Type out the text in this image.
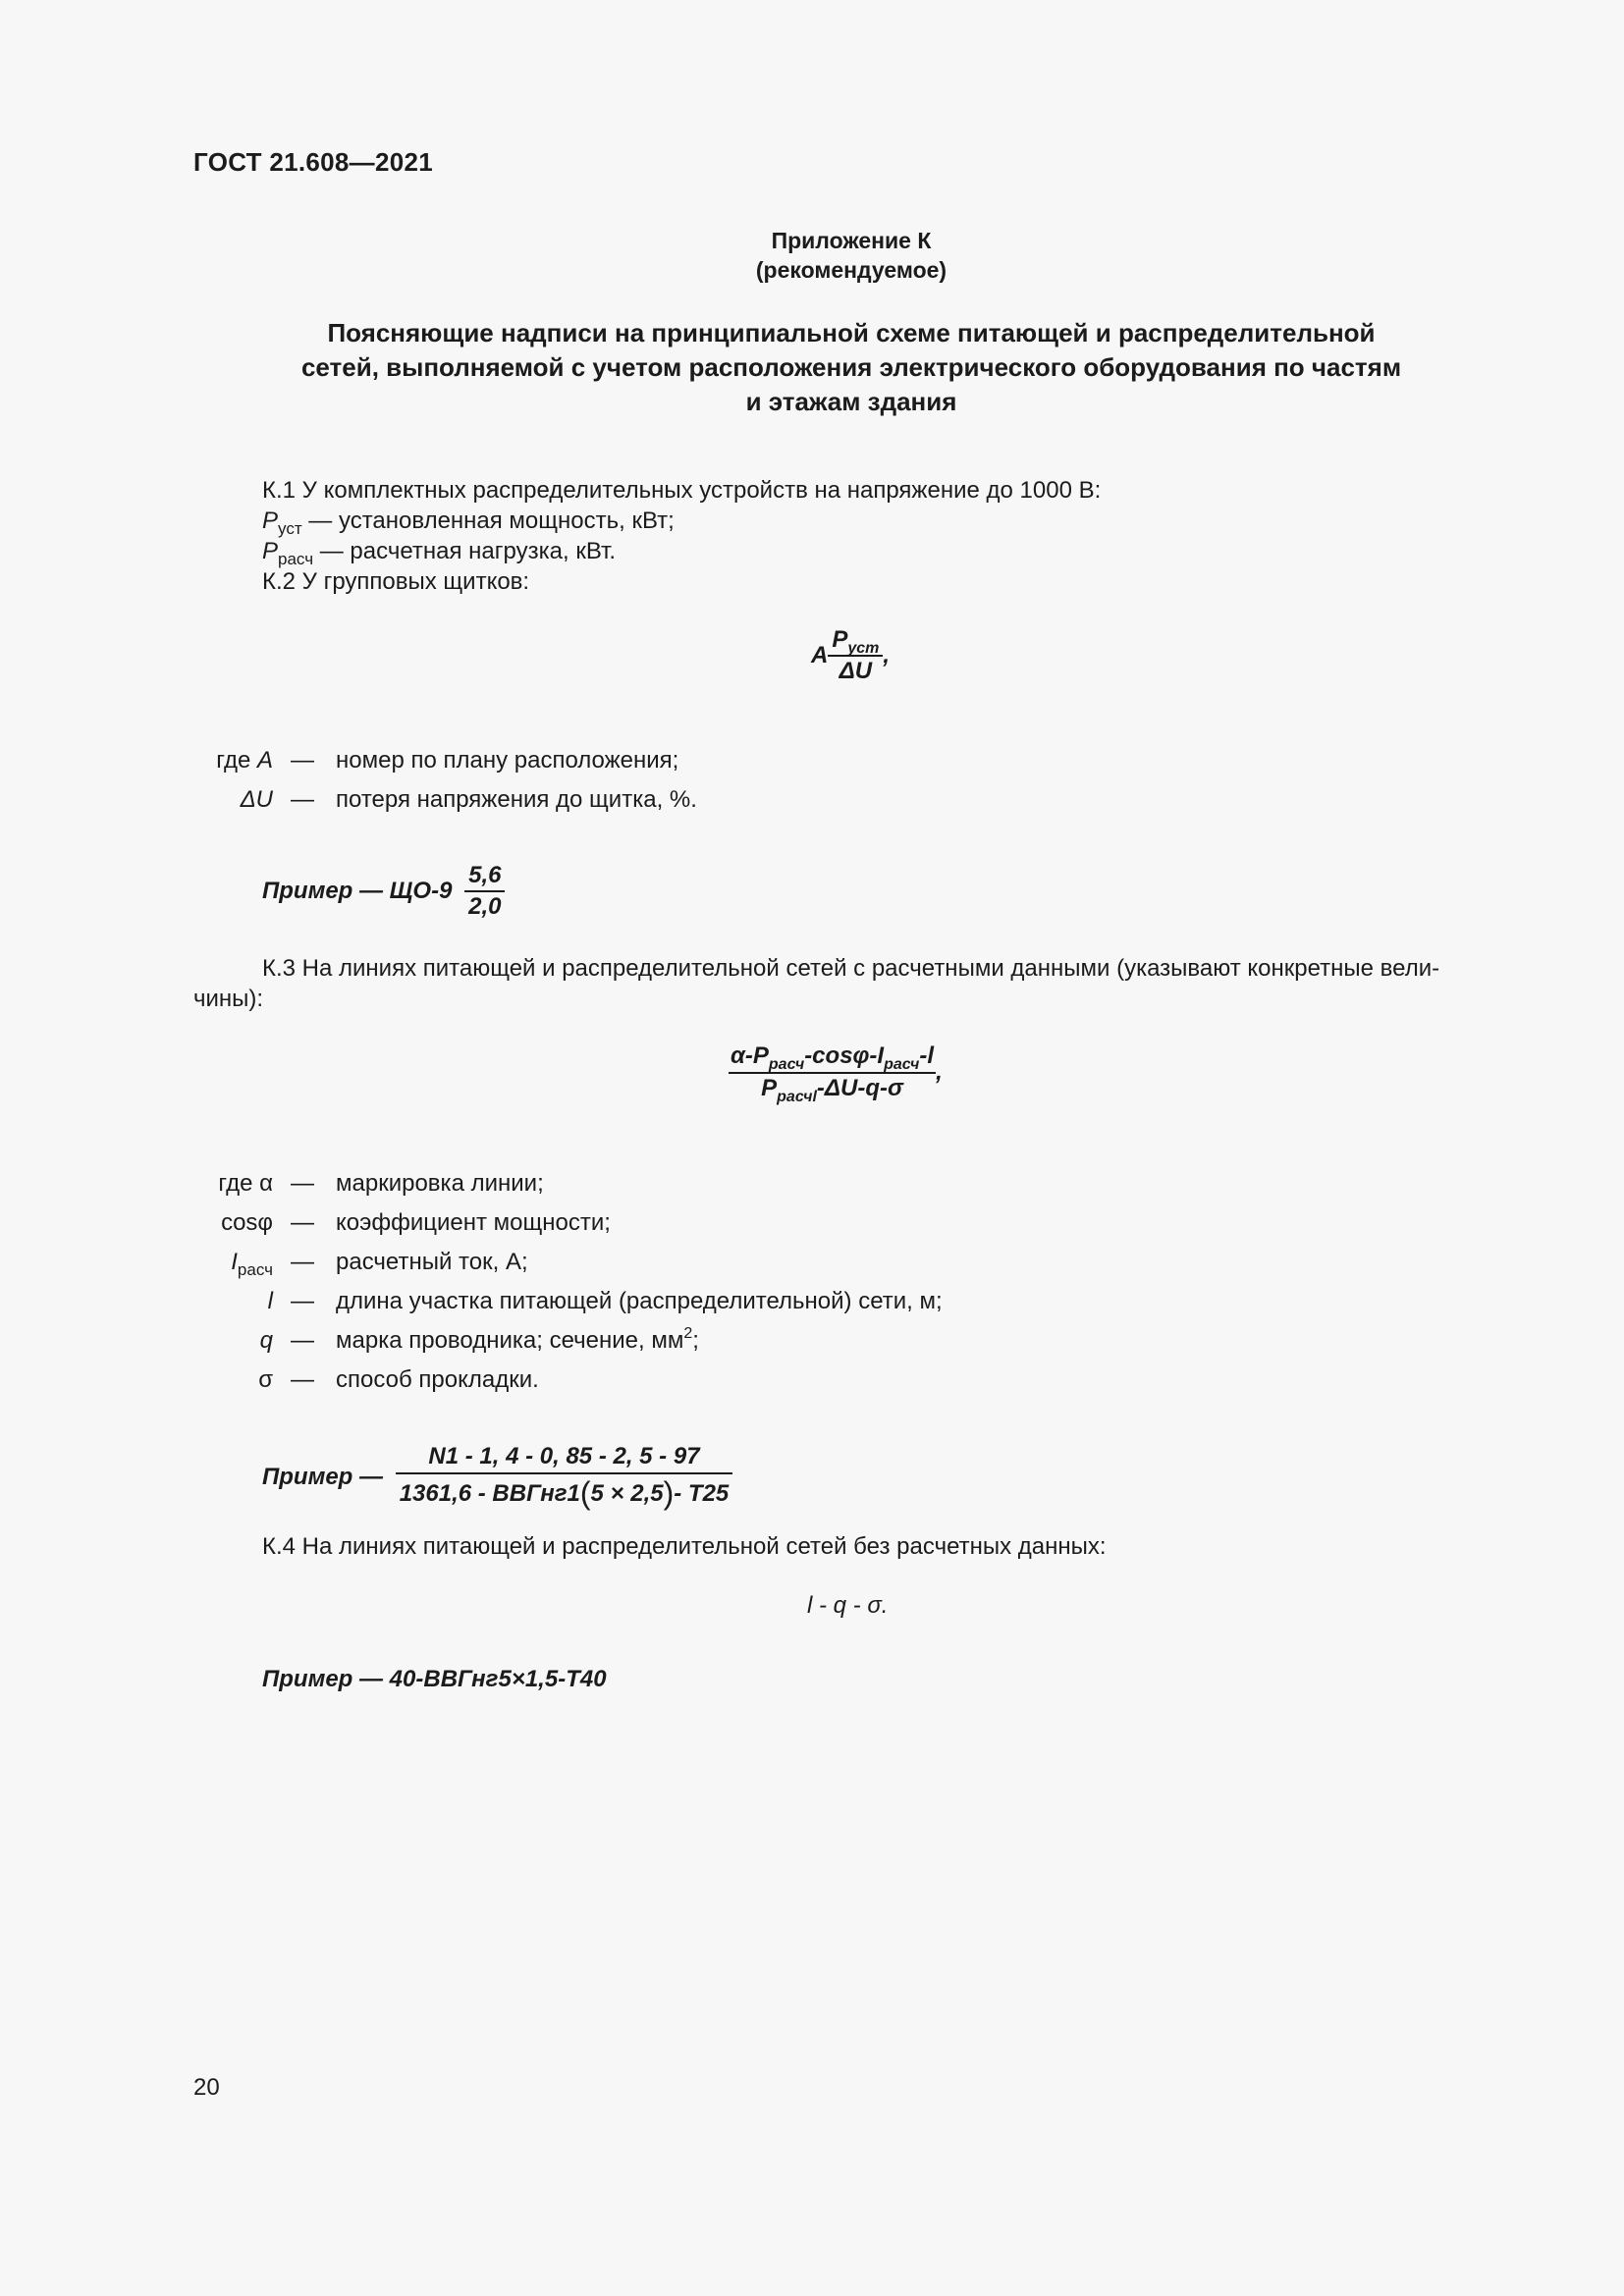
ГОСТ 21.608—2021
Приложение К
(рекомендуемое)
Поясняющие надписи на принципиальной схеме питающей и распределительной
сетей, выполняемой с учетом расположения электрического оборудования по частям
и этажам здания
К.1 У комплектных распределительных устройств на напряжение до 1000 В:
$P_{уст}$ — установленная мощность, кВт;
$P_{расч}$ — расчетная нагрузка, кВт.
К.2 У групповых щитков:
A $\frac{P_{уст}}{\Delta U}$ ,
где A	—	номер по плану расположения;
ΔU	—	потеря напряжения до щитка, %.
Пример — $ЩО-9 \frac{5,6}{2,0}$
К.3 На линиях питающей и распределительной сетей с расчетными данными (указывают конкретные вели-
чины):
$\frac{\alpha-P_{расч}-\cos\varphi-I_{расч}-l}{P_{расчl}-\Delta U-q-\sigma}$ ,
где α	—	маркировка линии;
cosφ	—	коэффициент мощности;
$I_{расч}$	—	расчетный ток, А;
l	—	длина участка питающей (распределительной) сети, м;
q	—	марка проводника; сечение, $мм^2$;
σ	—	способ прокладки.
Пример — $\frac{N1 - 1, 4 - 0, 85 - 2, 5 - 97}{\text{1361,6 - ВВГнг1(5 × 2,5)- Т25}}$
К.4 На линиях питающей и распределительной сетей без расчетных данных:
l - q - σ.
Пример — 40-ВВГнг5×1,5-Т40
20
